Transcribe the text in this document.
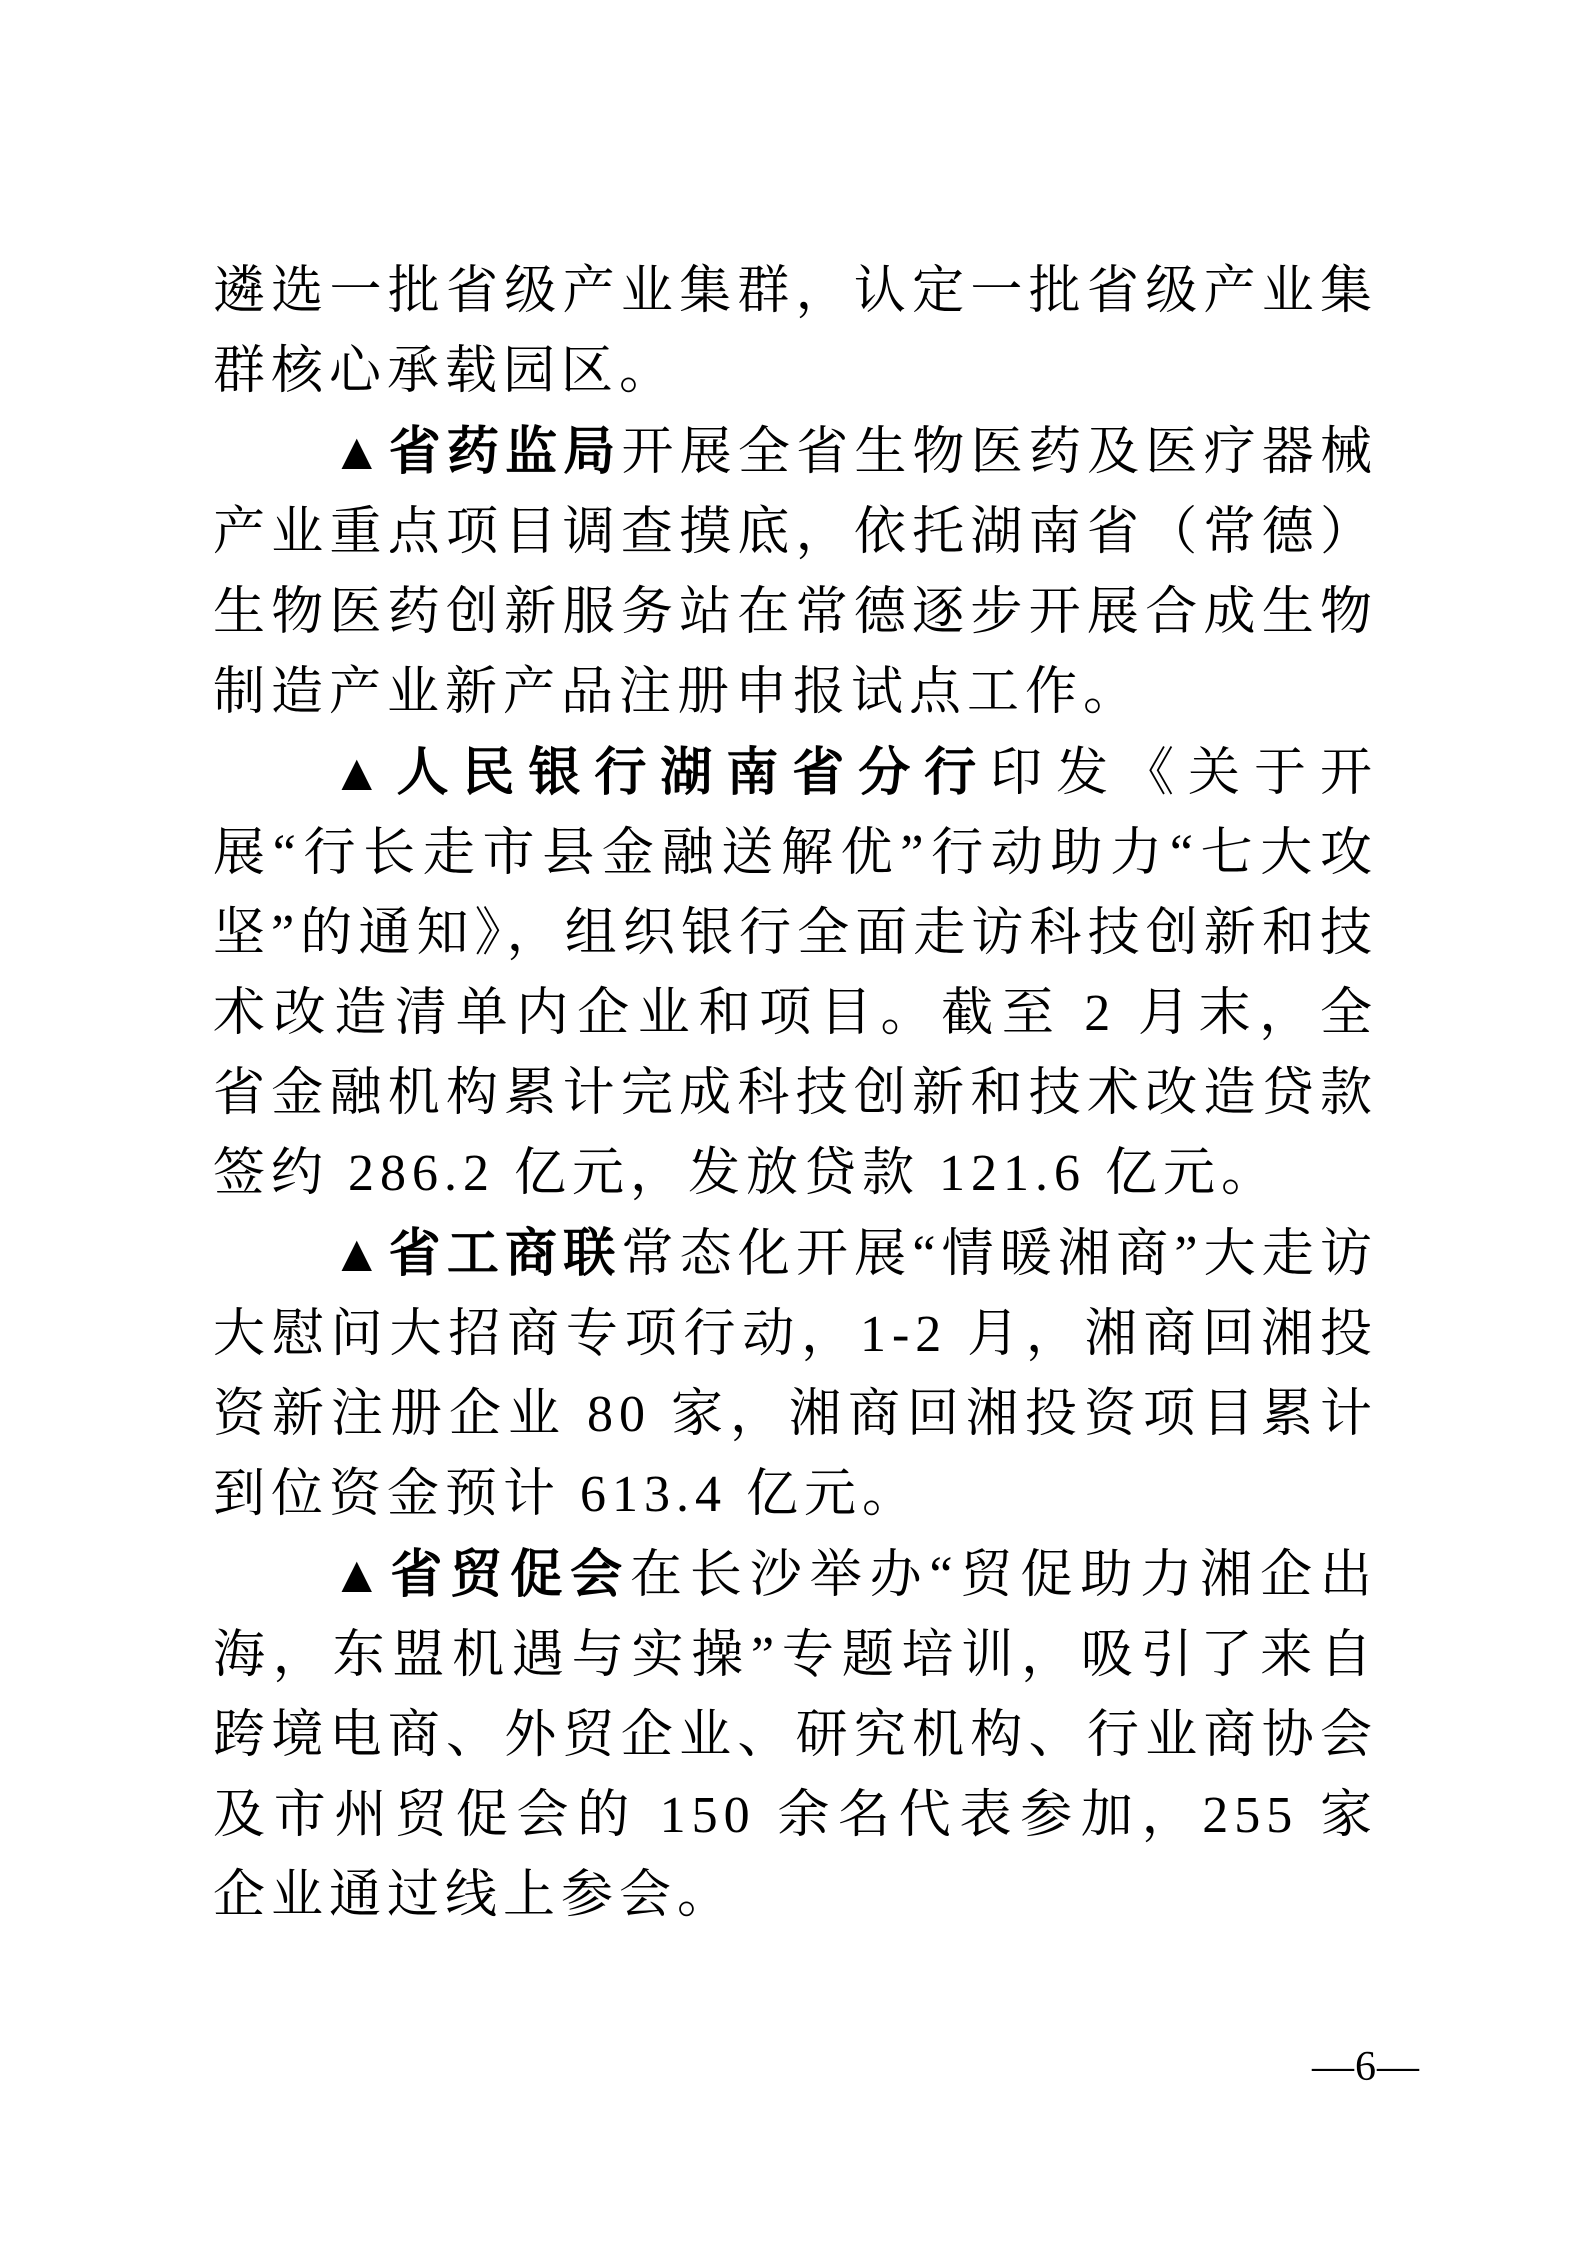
遴选一批省级产业集群，认定一批省级产业集群核心承载园区。

▲省药监局开展全省生物医药及医疗器械产业重点项目调查摸底，依托湖南省（常德）生物医药创新服务站在常德逐步开展合成生物制造产业新产品注册申报试点工作。

▲人民银行湖南省分行印发《关于开展“行长走市县金融送解优”行动助力“七大攻坚”的通知》，组织银行全面走访科技创新和技术改造清单内企业和项目。截至 2 月末，全省金融机构累计完成科技创新和技术改造贷款签约 286.2 亿元，发放贷款 121.6 亿元。

▲省工商联常态化开展“情暖湘商”大走访大慰问大招商专项行动，1-2 月，湘商回湘投资新注册企业 80 家，湘商回湘投资项目累计到位资金预计 613.4 亿元。

▲省贸促会在长沙举办“贸促助力湘企出海，东盟机遇与实操”专题培训，吸引了来自跨境电商、外贸企业、研究机构、行业商协会及市州贸促会的 150 余名代表参加，255 家企业通过线上参会。

—6—
